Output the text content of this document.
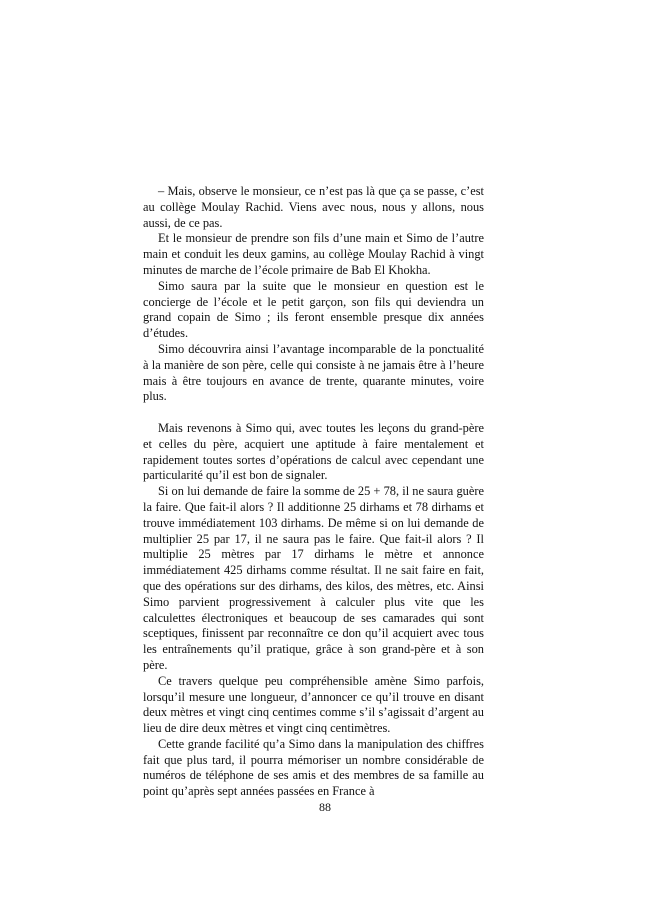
– Mais, observe le monsieur, ce n’est pas là que ça se passe, c’est au collège Moulay Rachid. Viens avec nous, nous y allons, nous aussi, de ce pas.

Et le monsieur de prendre son fils d’une main et Simo de l’autre main et conduit les deux gamins, au collège Moulay Rachid à vingt minutes de marche de l’école primaire de Bab El Khokha.

Simo saura par la suite que le monsieur en question est le concierge de l’école et le petit garçon, son fils qui deviendra un grand copain de Simo ; ils feront ensemble presque dix années d’études.

Simo découvrira ainsi l’avantage incomparable de la ponctualité à la manière de son père, celle qui consiste à ne jamais être à l’heure mais à être toujours en avance de trente, quarante minutes, voire plus.

Mais revenons à Simo qui, avec toutes les leçons du grand-père et celles du père, acquiert une aptitude à faire mentalement et rapidement toutes sortes d’opérations de calcul avec cependant une particularité qu’il est bon de signaler.

Si on lui demande de faire la somme de 25 + 78, il ne saura guère la faire. Que fait-il alors ? Il additionne 25 dirhams et 78 dirhams et trouve immédiatement 103 dirhams. De même si on lui demande de multiplier 25 par 17, il ne saura pas le faire. Que fait-il alors ? Il multiplie 25 mètres par 17 dirhams le mètre et annonce immédiatement 425 dirhams comme résultat. Il ne sait faire en fait, que des opérations sur des dirhams, des kilos, des mètres, etc. Ainsi Simo parvient progressivement à calculer plus vite que les calculettes électroniques et beaucoup de ses camarades qui sont sceptiques, finissent par reconnaître ce don qu’il acquiert avec tous les entraînements qu’il pratique, grâce à son grand-père et à son père.

Ce travers quelque peu compréhensible amène Simo parfois, lorsqu’il mesure une longueur, d’annoncer ce qu’il trouve en disant deux mètres et vingt cinq centimes comme s’il s’agissait d’argent au lieu de dire deux mètres et vingt cinq centimètres.

Cette grande facilité qu’a Simo dans la manipulation des chiffres fait que plus tard, il pourra mémoriser un nombre considérable de numéros de téléphone de ses amis et des membres de sa famille au point qu’après sept années passées en France à

88
